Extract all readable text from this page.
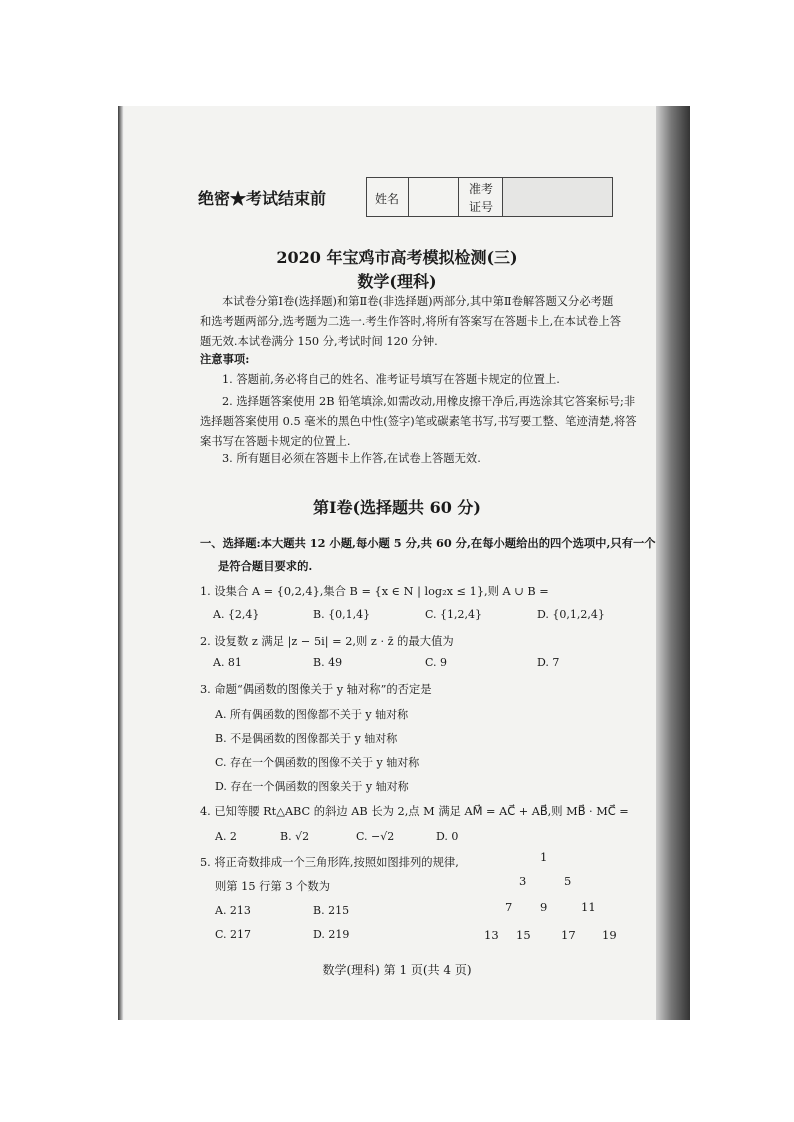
绝密★考试结束前	姓名
准考
证号
2020 年宝鸡市高考模拟检测(三)
数学(理科)
本试卷分第Ⅰ卷(选择题)和第Ⅱ卷(非选择题)两部分,其中第Ⅱ卷解答题又分必考题
和选考题两部分,选考题为二选一.考生作答时,将所有答案写在答题卡上,在本试卷上答
题无效.本试卷满分 150 分,考试时间 120 分钟.
注意事项:
1. 答题前,务必将自己的姓名、准考证号填写在答题卡规定的位置上.
2. 选择题答案使用 2B 铅笔填涂,如需改动,用橡皮擦干净后,再选涂其它答案标号;非
选择题答案使用 0.5 毫米的黑色中性(签字)笔或碳素笔书写,书写要工整、笔迹清楚,将答
案书写在答题卡规定的位置上.
3. 所有题目必须在答题卡上作答,在试卷上答题无效.
第Ⅰ卷(选择题共 60 分)
一、选择题:本大题共 12 小题,每小题 5 分,共 60 分,在每小题给出的四个选项中,只有一个
是符合题目要求的.
1. 设集合 A = {0,2,4},集合 B = {x ∈ N | log₂x ≤ 1},则 A ∪ B =
A. {2,4}	B. {0,1,4}	C. {1,2,4}	D. {0,1,2,4}
2. 设复数 z 满足 |z − 5i| = 2,则 z · z̄ 的最大值为
A. 81	B. 49	C. 9	D. 7
3. 命题“偶函数的图像关于 y 轴对称”的否定是
A. 所有偶函数的图像都不关于 y 轴对称
B. 不是偶函数的图像都关于 y 轴对称
C. 存在一个偶函数的图像不关于 y 轴对称
D. 存在一个偶函数的图象关于 y 轴对称
4. 已知等腰 Rt△ABC 的斜边 AB 长为 2,点 M 满足 AM⃗ = AC⃗ + AB⃗,则 MB⃗ · MC⃗ =
A. 2	B. √2	C. −√2	D. 0
5. 将正奇数排成一个三角形阵,按照如图排列的规律,
则第 15 行第 3 个数为
A. 213	B. 215
C. 217	D. 219
1
3	5
7 9	11
13 15	17 19
数学(理科) 第 1 页(共 4 页)
